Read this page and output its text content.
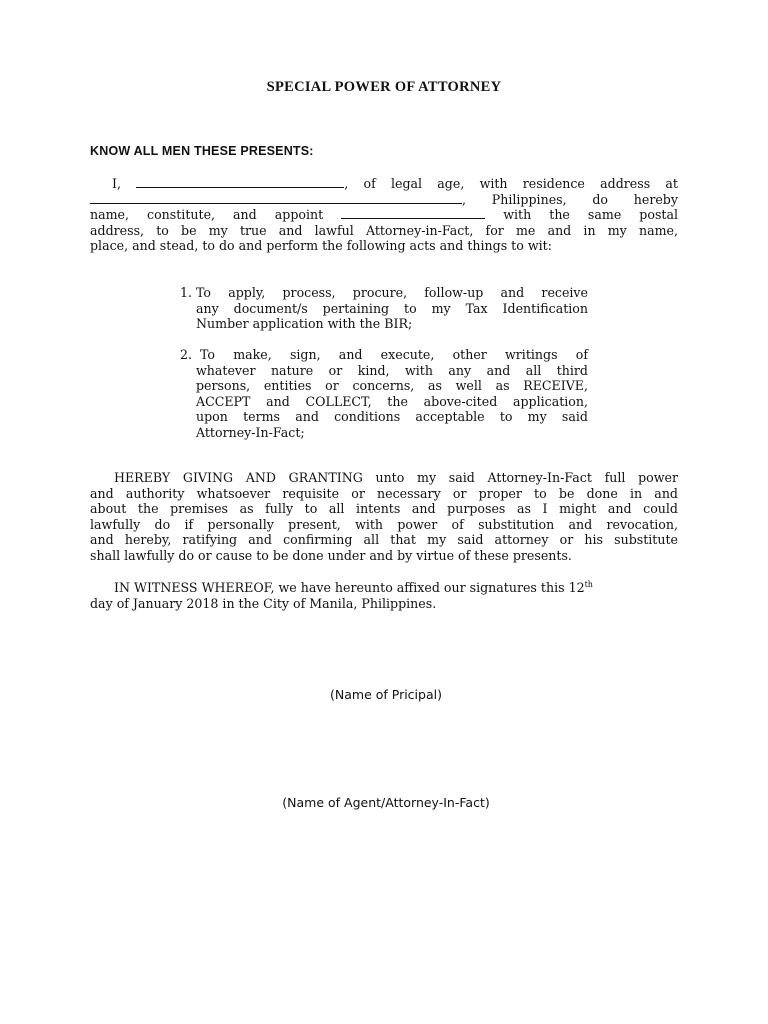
SPECIAL POWER OF ATTORNEY
KNOW ALL MEN THESE PRESENTS:
I,	, of legal age, with residence address at
, Philippines, do hereby
name, constitute, and appoint	with the same postal
address, to be my true and lawful Attorney-in-Fact, for me and in my name,
place, and stead, to do and perform the following acts and things to wit:
1. To apply, process, procure, follow-up and receive
any document/s pertaining to my Tax Identification
Number application with the BIR;
2. To make, sign, and execute, other writings of
whatever nature or kind, with any and all third
persons, entities or concerns, as well as RECEIVE,
ACCEPT and COLLECT, the above-cited application,
upon terms and conditions acceptable to my said
Attorney-In-Fact;
HEREBY GIVING AND GRANTING unto my said Attorney-In-Fact full power
and authority whatsoever requisite or necessary or proper to be done in and
about the premises as fully to all intents and purposes as I might and could
lawfully do if personally present, with power of substitution and revocation,
and hereby, ratifying and confirming all that my said attorney or his substitute
shall lawfully do or cause to be done under and by virtue of these presents.
IN WITNESS WHEREOF, we have hereunto affixed our signatures this 12th
day of January 2018 in the City of Manila, Philippines.
(Name of Pricipal)
(Name of Agent/Attorney-In-Fact)
